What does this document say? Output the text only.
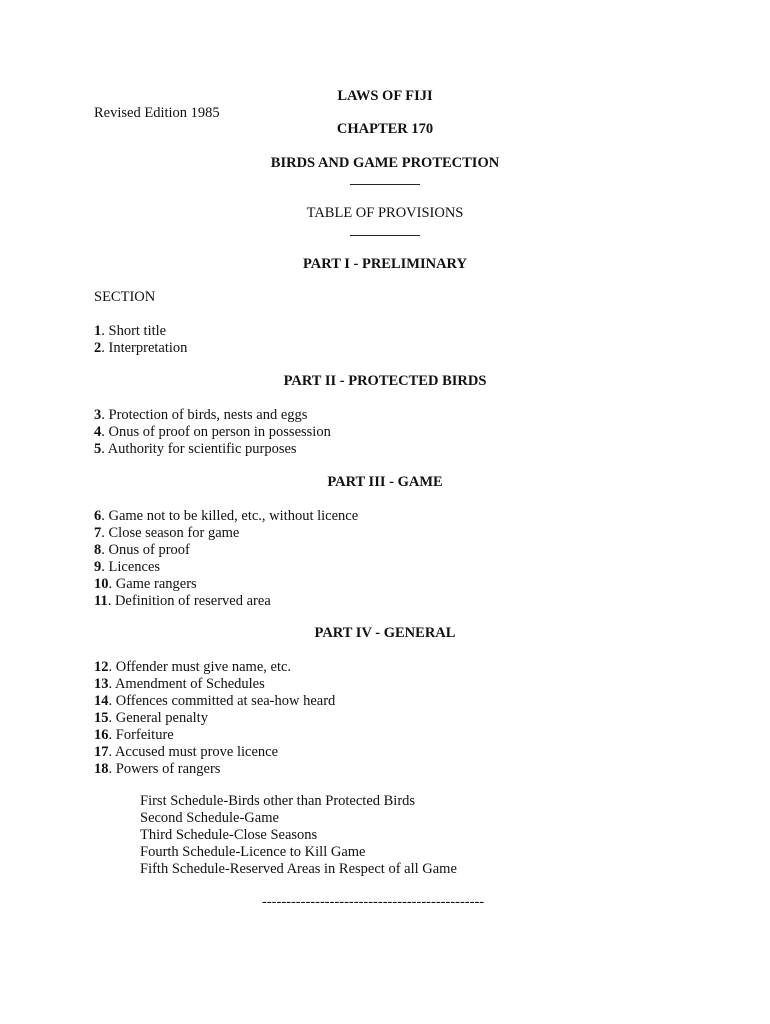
LAWS OF FIJI
Revised Edition 1985
CHAPTER 170
BIRDS AND GAME PROTECTION
TABLE OF PROVISIONS
PART I - PRELIMINARY
SECTION
1. Short title
2. Interpretation
PART II - PROTECTED BIRDS
3. Protection of birds, nests and eggs
4. Onus of proof on person in possession
5. Authority for scientific purposes
PART III - GAME
6. Game not to be killed, etc., without licence
7. Close season for game
8. Onus of proof
9. Licences
10. Game rangers
11. Definition of reserved area
PART IV - GENERAL
12. Offender must give name, etc.
13. Amendment of Schedules
14. Offences committed at sea-how heard
15. General penalty
16. Forfeiture
17. Accused must prove licence
18. Powers of rangers
First Schedule-Birds other than Protected Birds
Second Schedule-Game
Third Schedule-Close Seasons
Fourth Schedule-Licence to Kill Game
Fifth Schedule-Reserved Areas in Respect of all Game
----------------------------------------------
